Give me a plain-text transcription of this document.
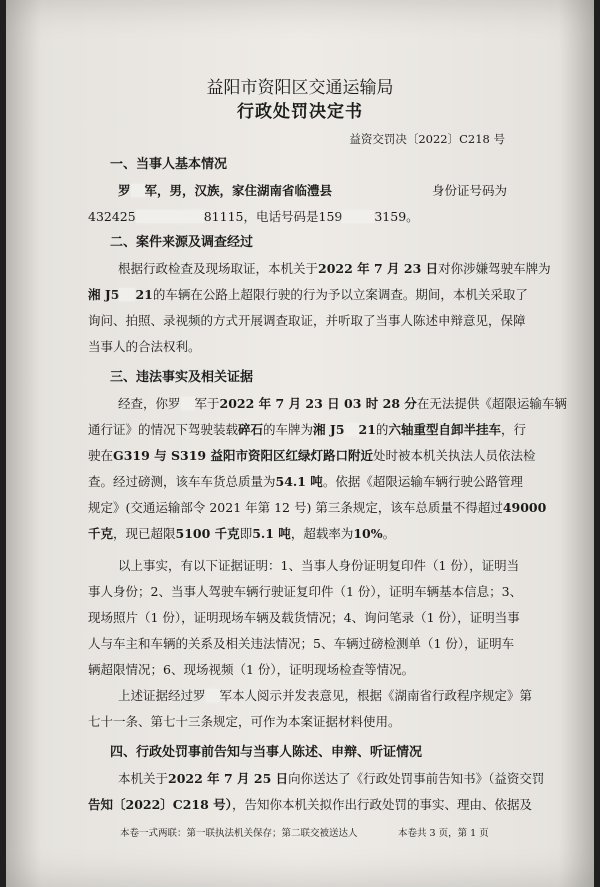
益阳市资阳区交通运输局
行政处罚决定书
益资交罚决〔2022〕C218 号
一、当事人基本情况
罗 军，男，汉族，家住湖南省临澧县	身份证号码为
432425	81115，电话号码是159	3159。
二、案件来源及调查经过
根据行政检查及现场取证，本机关于2022 年 7 月 23 日对你涉嫌驾驶车牌为
湘 J5 21的车辆在公路上超限行驶的行为予以立案调查。期间，本机关采取了
询问、拍照、录视频的方式开展调查取证，并听取了当事人陈述申辩意见，保障
当事人的合法权利。
三、违法事实及相关证据
经查，你罗 军于2022 年 7 月 23 日 03 时 28 分在无法提供《超限运输车辆
通行证》的情况下驾驶装载碎石的车牌为湘 J5 21的六轴重型自卸半挂车，行
驶在G319 与 S319 益阳市资阳区红绿灯路口附近处时被本机关执法人员依法检
查。经过磅测，该车车货总质量为54.1 吨。依据《超限运输车辆行驶公路管理
规定》(交通运输部令 2021 年第 12 号) 第三条规定，该车总质量不得超过49000
千克，现已超限5100 千克即5.1 吨，超载率为10%。
以上事实，有以下证据证明：1、当事人身份证明复印件（1 份），证明当
事人身份；2、当事人驾驶车辆行驶证复印件（1 份），证明车辆基本信息；3、
现场照片（1 份），证明现场车辆及载货情况；4、询问笔录（1 份），证明当事
人与车主和车辆的关系及相关违法情况；5、车辆过磅检测单（1 份），证明车
辆超限情况；6、现场视频（1 份），证明现场检查等情况。
上述证据经过罗 军本人阅示并发表意见，根据《湖南省行政程序规定》第
七十一条、第七十三条规定，可作为本案证据材料使用。
四、行政处罚事前告知与当事人陈述、申辩、听证情况
本机关于2022 年 7 月 25 日向你送达了《行政处罚事前告知书》（益资交罚
告知〔2022〕C218 号），告知你本机关拟作出行政处罚的事实、理由、依据及
本卷一式两联：第一联执法机关保存；第二联交被送达人	本卷共 3 页，第 1 页
